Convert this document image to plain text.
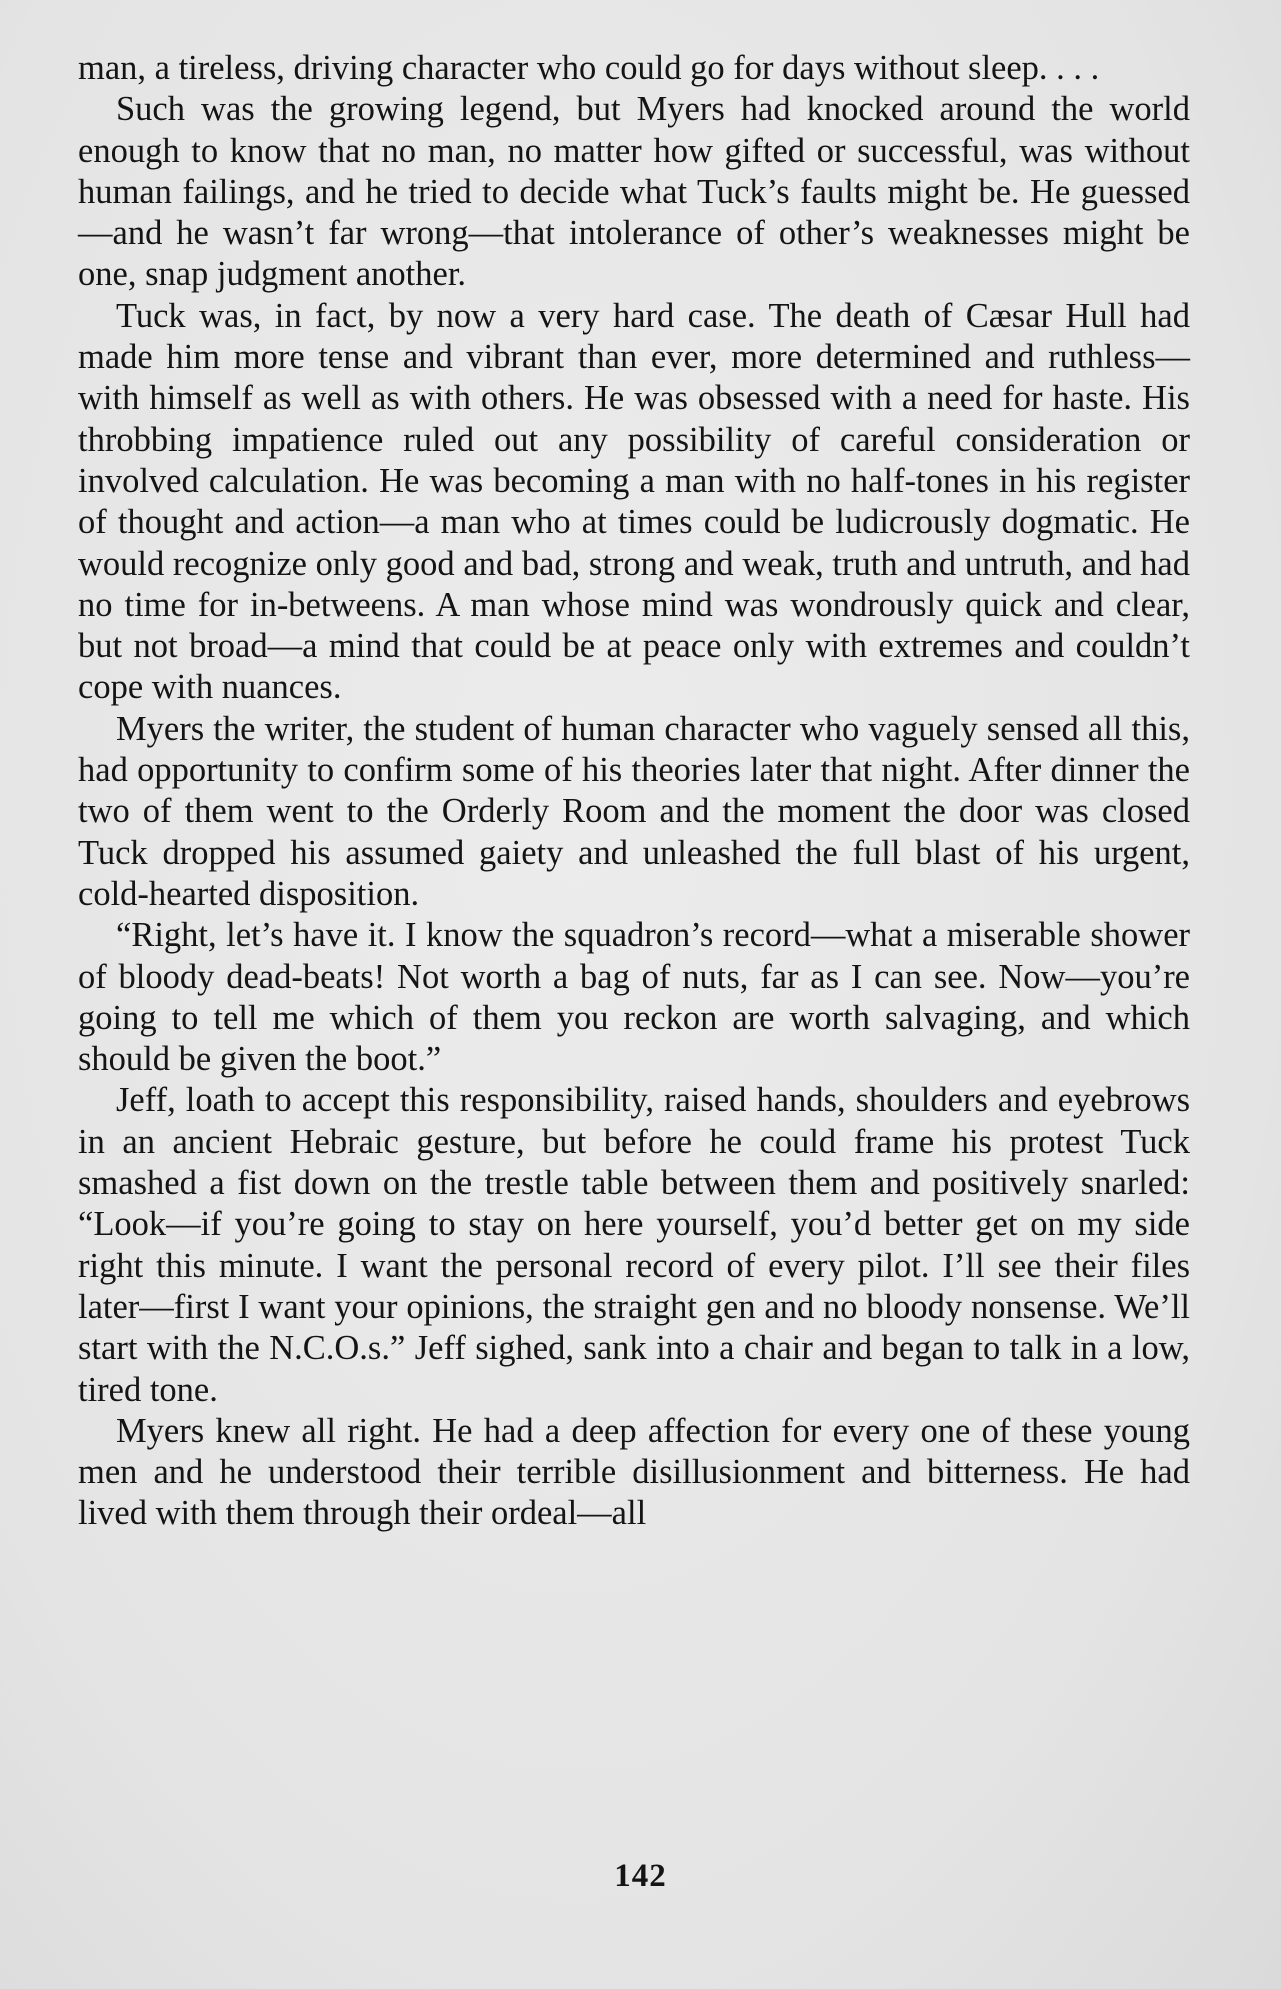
man, a tireless, driving character who could go for days without sleep. . . .

Such was the growing legend, but Myers had knocked around the world enough to know that no man, no matter how gifted or successful, was without human failings, and he tried to decide what Tuck’s faults might be. He guessed—and he wasn’t far wrong—that intolerance of other’s weaknesses might be one, snap judgment another.

Tuck was, in fact, by now a very hard case. The death of Cæsar Hull had made him more tense and vibrant than ever, more determined and ruthless—with himself as well as with others. He was obsessed with a need for haste. His throbbing impatience ruled out any possibility of careful consideration or involved calculation. He was becoming a man with no half-tones in his register of thought and action—a man who at times could be ludicrously dogmatic. He would recognize only good and bad, strong and weak, truth and untruth, and had no time for in-betweens. A man whose mind was wondrously quick and clear, but not broad—a mind that could be at peace only with extremes and couldn’t cope with nuances.

Myers the writer, the student of human character who vaguely sensed all this, had opportunity to confirm some of his theories later that night. After dinner the two of them went to the Orderly Room and the moment the door was closed Tuck dropped his assumed gaiety and unleashed the full blast of his urgent, cold-hearted disposition.

“Right, let’s have it. I know the squadron’s record—what a miserable shower of bloody dead-beats! Not worth a bag of nuts, far as I can see. Now—you’re going to tell me which of them you reckon are worth salvaging, and which should be given the boot.”

Jeff, loath to accept this responsibility, raised hands, shoulders and eyebrows in an ancient Hebraic gesture, but before he could frame his protest Tuck smashed a fist down on the trestle table between them and positively snarled: “Look—if you’re going to stay on here yourself, you’d better get on my side right this minute. I want the personal record of every pilot. I’ll see their files later—first I want your opinions, the straight gen and no bloody nonsense. We’ll start with the N.C.O.s.” Jeff sighed, sank into a chair and began to talk in a low, tired tone.

Myers knew all right. He had a deep affection for every one of these young men and he understood their terrible disillusionment and bitterness. He had lived with them through their ordeal—all

142
